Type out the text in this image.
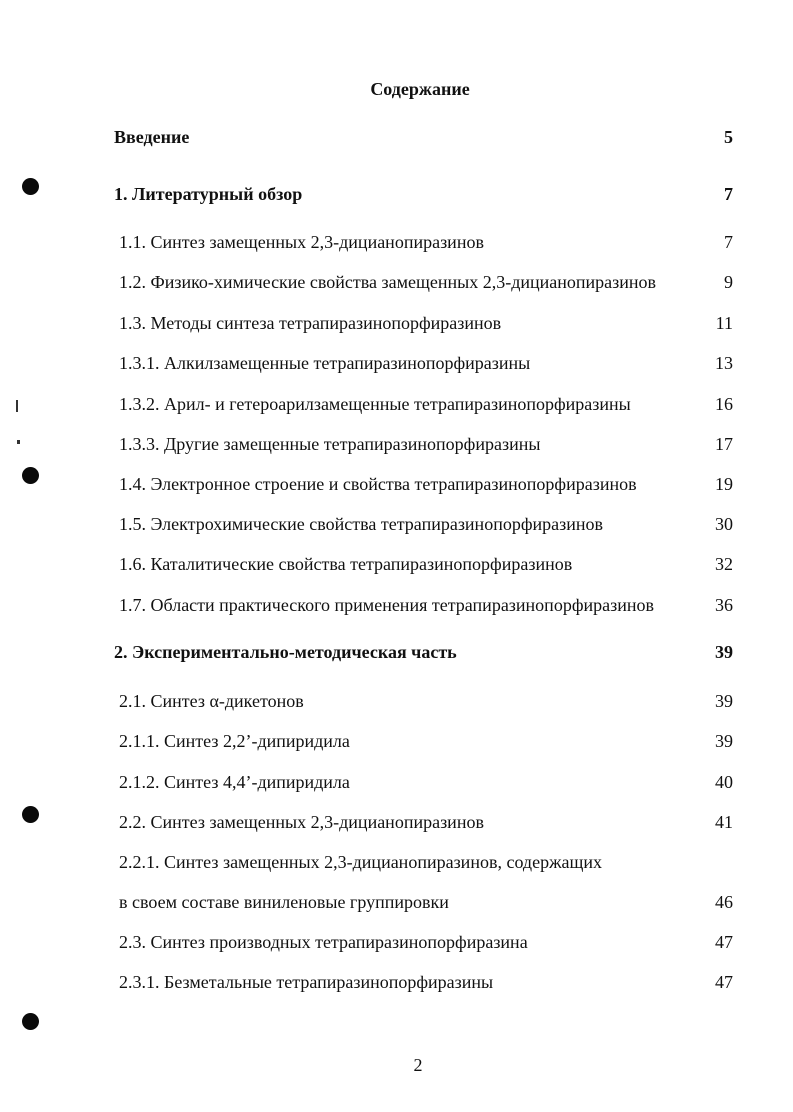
Содержание
Введение	5
1. Литературный обзор	7
1.1. Синтез замещенных 2,3-дицианопиразинов	7
1.2. Физико-химические свойства замещенных 2,3-дицианопиразинов	9
1.3. Методы синтеза тетрапиразинопорфиразинов	11
1.3.1. Алкилзамещенные тетрапиразинопорфиразины	13
1.3.2. Арил- и гетероарилзамещенные тетрапиразинопорфиразины	16
1.3.3. Другие замещенные тетрапиразинопорфиразины	17
1.4. Электронное строение и свойства тетрапиразинопорфиразинов	19
1.5. Электрохимические свойства тетрапиразинопорфиразинов	30
1.6. Каталитические свойства тетрапиразинопорфиразинов	32
1.7. Области практического применения тетрапиразинопорфиразинов	36
2. Экспериментально-методическая часть	39
2.1. Синтез α-дикетонов	39
2.1.1. Синтез 2,2’-дипиридила	39
2.1.2. Синтез 4,4’-дипиридила	40
2.2. Синтез замещенных 2,3-дицианопиразинов	41
2.2.1. Синтез замещенных 2,3-дицианопиразинов, содержащих
в своем составе виниленовые группировки	46
2.3. Синтез производных тетрапиразинопорфиразина	47
2.3.1. Безметальные тетрапиразинопорфиразины	47
2
